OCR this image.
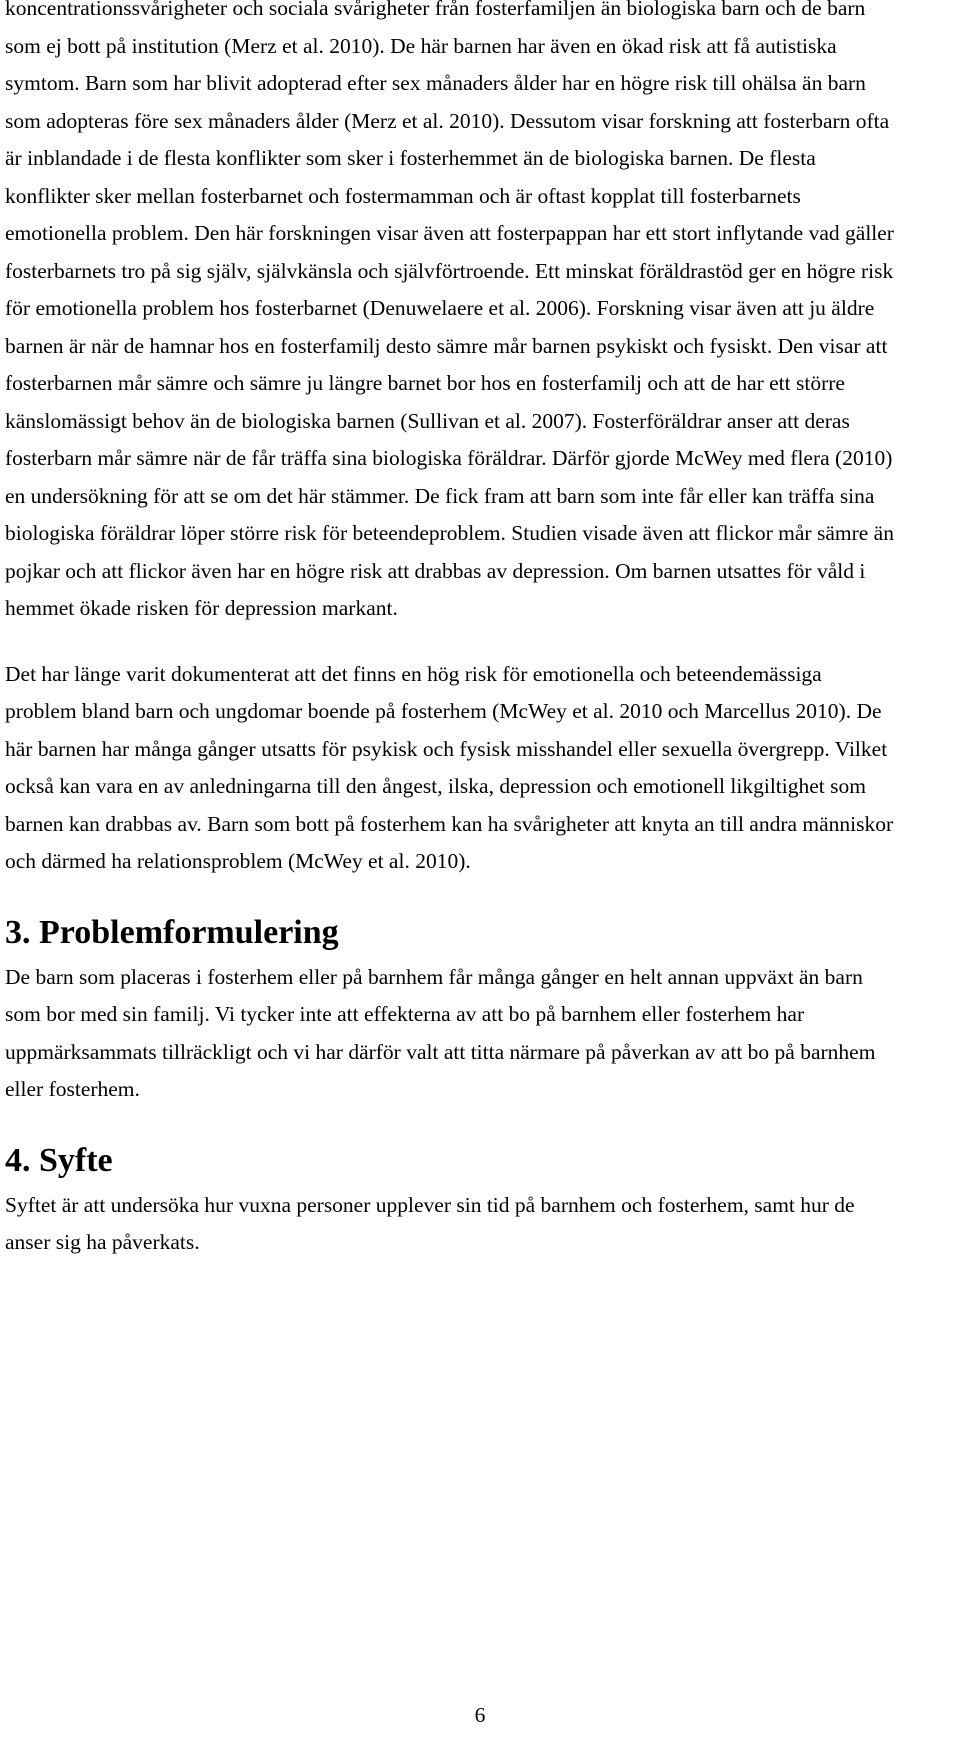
koncentrationssvårigheter och sociala svårigheter från fosterfamiljen än biologiska barn och de barn som ej bott på institution (Merz et al. 2010). De här barnen har även en ökad risk att få autistiska symtom. Barn som har blivit adopterad efter sex månaders ålder har en högre risk till ohälsa än barn som adopteras före sex månaders ålder (Merz et al. 2010). Dessutom visar forskning att fosterbarn ofta är inblandade i de flesta konflikter som sker i fosterhemmet än de biologiska barnen. De flesta konflikter sker mellan fosterbarnet och fostermamman och är oftast kopplat till fosterbarnets emotionella problem. Den här forskningen visar även att fosterpappan har ett stort inflytande vad gäller fosterbarnets tro på sig själv, självkänsla och självförtroende. Ett minskat föräldrastöd ger en högre risk för emotionella problem hos fosterbarnet (Denuwelaere et al. 2006). Forskning visar även att ju äldre barnen är när de hamnar hos en fosterfamilj desto sämre mår barnen psykiskt och fysiskt. Den visar att fosterbarnen mår sämre och sämre ju längre barnet bor hos en fosterfamilj och att de har ett större känslomässigt behov än de biologiska barnen (Sullivan et al. 2007). Fosterföräldrar anser att deras fosterbarn mår sämre när de får träffa sina biologiska föräldrar. Därför gjorde McWey med flera (2010) en undersökning för att se om det här stämmer. De fick fram att barn som inte får eller kan träffa sina biologiska föräldrar löper större risk för beteendeproblem. Studien visade även att flickor mår sämre än pojkar och att flickor även har en högre risk att drabbas av depression. Om barnen utsattes för våld i hemmet ökade risken för depression markant.

Det har länge varit dokumenterat att det finns en hög risk för emotionella och beteendemässiga problem bland barn och ungdomar boende på fosterhem (McWey et al. 2010 och Marcellus 2010). De här barnen har många gånger utsatts för psykisk och fysisk misshandel eller sexuella övergrepp. Vilket också kan vara en av anledningarna till den ångest, ilska, depression och emotionell likgiltighet som barnen kan drabbas av. Barn som bott på fosterhem kan ha svårigheter att knyta an till andra människor och därmed ha relationsproblem (McWey et al. 2010).

3. Problemformulering

De barn som placeras i fosterhem eller på barnhem får många gånger en helt annan uppväxt än barn som bor med sin familj. Vi tycker inte att effekterna av att bo på barnhem eller fosterhem har uppmärksammats tillräckligt och vi har därför valt att titta närmare på påverkan av att bo på barnhem eller fosterhem.

4. Syfte

Syftet är att undersöka hur vuxna personer upplever sin tid på barnhem och fosterhem, samt hur de anser sig ha påverkats.

6
